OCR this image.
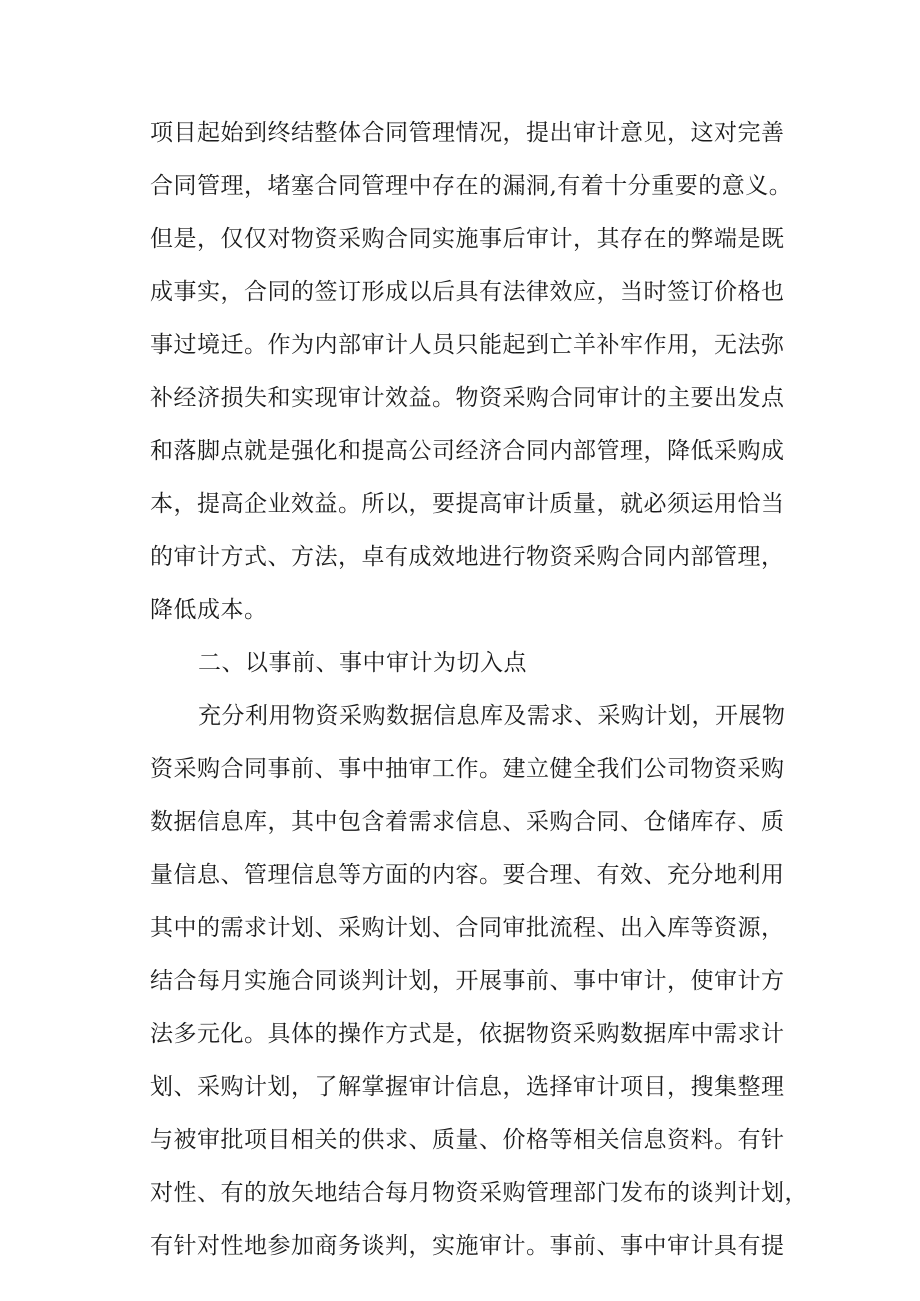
项目起始到终结整体合同管理情况，提出审计意见，这对完善
合同管理，堵塞合同管理中存在的漏洞,有着十分重要的意义。
但是，仅仅对物资采购合同实施事后审计，其存在的弊端是既
成事实，合同的签订形成以后具有法律效应，当时签订价格也
事过境迁。作为内部审计人员只能起到亡羊补牢作用，无法弥
补经济损失和实现审计效益。物资采购合同审计的主要出发点
和落脚点就是强化和提高公司经济合同内部管理，降低采购成
本，提高企业效益。所以，要提高审计质量，就必须运用恰当
的审计方式、方法，卓有成效地进行物资采购合同内部管理，
降低成本。
二、以事前、事中审计为切入点
充分利用物资采购数据信息库及需求、采购计划，开展物
资采购合同事前、事中抽审工作。建立健全我们公司物资采购
数据信息库，其中包含着需求信息、采购合同、仓储库存、质
量信息、管理信息等方面的内容。要合理、有效、充分地利用
其中的需求计划、采购计划、合同审批流程、出入库等资源，
结合每月实施合同谈判计划，开展事前、事中审计，使审计方
法多元化。具体的操作方式是，依据物资采购数据库中需求计
划、采购计划，了解掌握审计信息，选择审计项目，搜集整理
与被审批项目相关的供求、质量、价格等相关信息资料。有针
对性、有的放矢地结合每月物资采购管理部门发布的谈判计划，
有针对性地参加商务谈判，实施审计。事前、事中审计具有提
